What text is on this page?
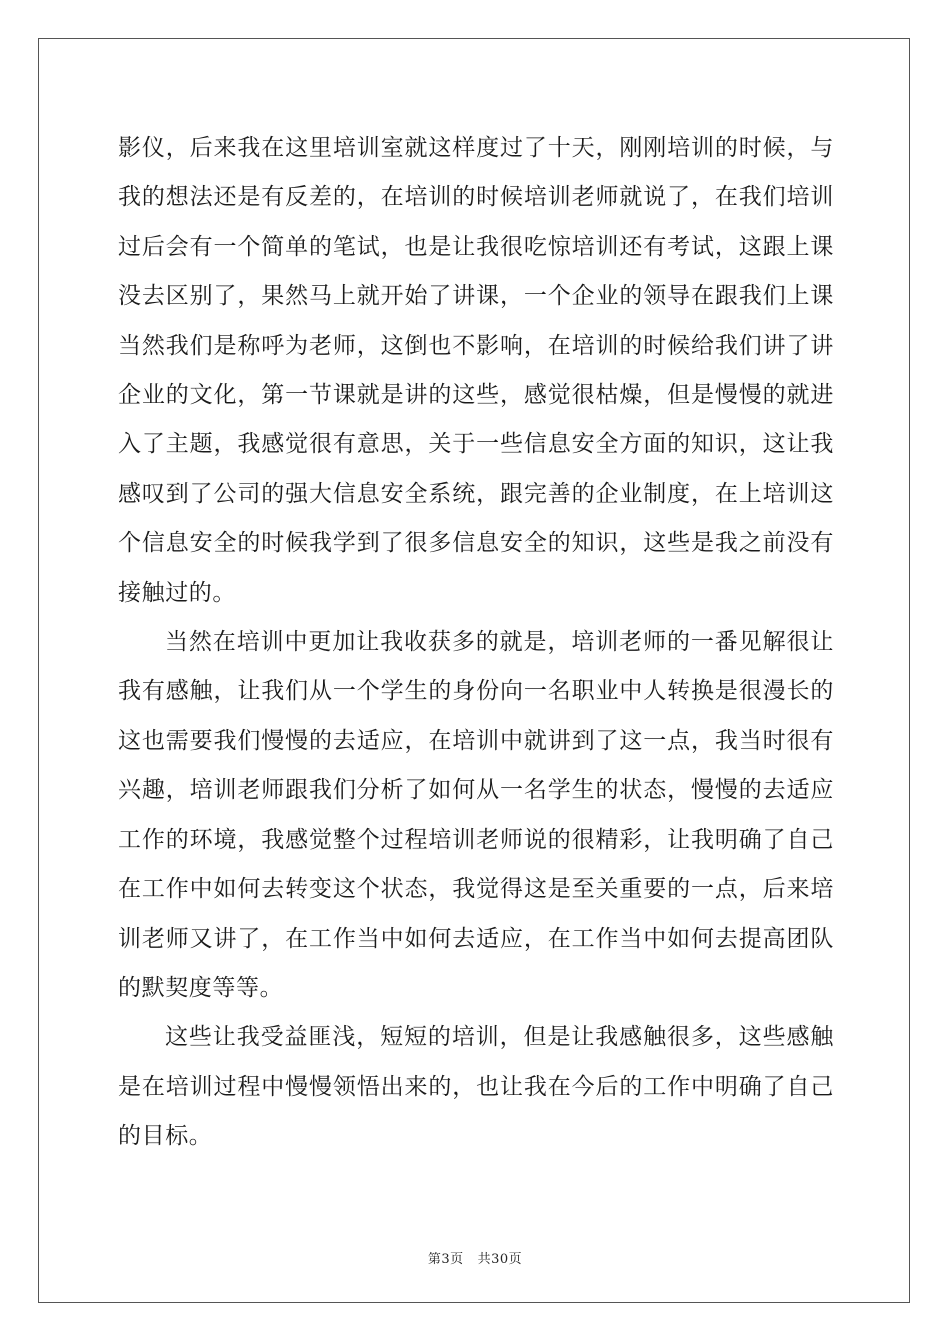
影仪，后来我在这里培训室就这样度过了十天，刚刚培训的时候，与我的想法还是有反差的，在培训的时候培训老师就说了，在我们培训过后会有一个简单的笔试，也是让我很吃惊培训还有考试，这跟上课没去区别了，果然马上就开始了讲课，一个企业的领导在跟我们上课当然我们是称呼为老师，这倒也不影响，在培训的时候给我们讲了讲企业的文化，第一节课就是讲的这些，感觉很枯燥，但是慢慢的就进入了主题，我感觉很有意思，关于一些信息安全方面的知识，这让我感叹到了公司的强大信息安全系统，跟完善的企业制度，在上培训这个信息安全的时候我学到了很多信息安全的知识，这些是我之前没有接触过的。

当然在培训中更加让我收获多的就是，培训老师的一番见解很让我有感触，让我们从一个学生的身份向一名职业中人转换是很漫长的这也需要我们慢慢的去适应，在培训中就讲到了这一点，我当时很有兴趣，培训老师跟我们分析了如何从一名学生的状态，慢慢的去适应工作的环境，我感觉整个过程培训老师说的很精彩，让我明确了自己在工作中如何去转变这个状态，我觉得这是至关重要的一点，后来培训老师又讲了，在工作当中如何去适应，在工作当中如何去提高团队的默契度等等。

这些让我受益匪浅，短短的培训，但是让我感触很多，这些感触是在培训过程中慢慢领悟出来的，也让我在今后的工作中明确了自己的目标。

第3页 共30页
